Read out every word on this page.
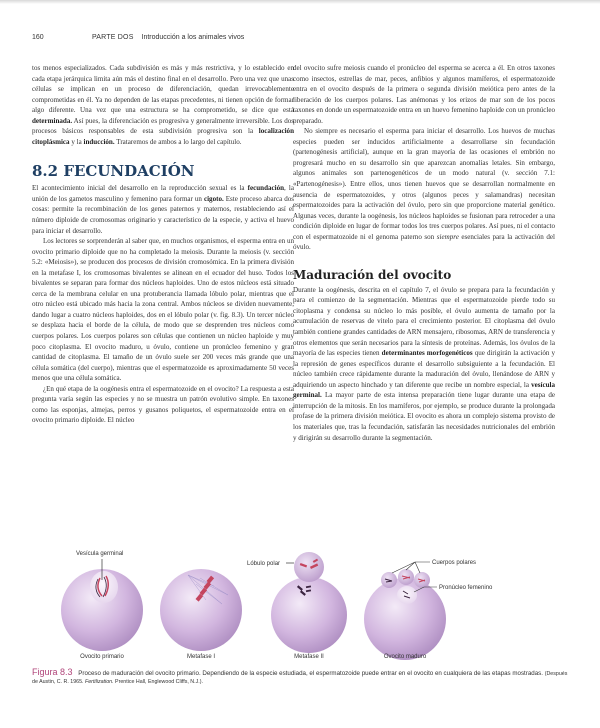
160	PARTE DOS Introducción a los animales vivos

tos menos especializados. Cada subdivisión es más y más restrictiva, y lo establecido en cada etapa jerárquica limita aún más el destino final en el desarrollo. Pero una vez que unas células se implican en un proceso de diferenciación, quedan irrevocablemente comprometidas en él. Ya no dependen de las etapas precedentes, ni tienen opción de formar algo diferente. Una vez que una estructura se ha comprometido, se dice que está determinada. Así pues, la diferenciación es progresiva y generalmente irreversible. Los dos procesos básicos responsables de esta subdivisión progresiva son la localización citoplásmica y la inducción. Trataremos de ambos a lo largo del capítulo.

8.2 FECUNDACIÓN

El acontecimiento inicial del desarrollo en la reproducción sexual es la fecundación, la unión de los gametos masculino y femenino para formar un cigoto. Este proceso abarca dos cosas: permite la recombinación de los genes paternos y maternos, restableciendo así el número diploide de cromosomas originario y característico de la especie, y activa el huevo para iniciar el desarrollo.

Los lectores se sorprenderán al saber que, en muchos organismos, el esperma entra en un ovocito primario diploide que no ha completado la meiosis. Durante la meiosis (v. sección 5.2: «Meiosis»), se producen dos procesos de división cromosómica. En la primera división en la metafase I, los cromosomas bivalentes se alinean en el ecuador del huso. Todos los bivalentes se separan para formar dos núcleos haploides. Uno de estos núcleos está situado cerca de la membrana celular en una protuberancia llamada lóbulo polar, mientras que el otro núcleo está ubicado más hacia la zona central. Ambos núcleos se dividen nuevamente, dando lugar a cuatro núcleos haploides, dos en el lóbulo polar (v. fig. 8.3). Un tercer núcleo se desplaza hacia el borde de la célula, de modo que se desprenden tres núcleos como cuerpos polares. Los cuerpos polares son células que contienen un núcleo haploide y muy poco citoplasma. El ovocito maduro, u óvulo, contiene un pronúcleo femenino y gran cantidad de citoplasma. El tamaño de un óvulo suele ser 200 veces más grande que una célula somática (del cuerpo), mientras que el espermatozoide es aproximadamente 50 veces menos que una célula somática.

¿En qué etapa de la oogénesis entra el espermatozoide en el ovocito? La respuesta a esta pregunta varía según las especies y no se muestra un patrón evolutivo simple. En taxones como las esponjas, almejas, perros y gusanos poliquetos, el espermatozoide entra en el ovocito primario diploide. El núcleo

del ovocito sufre meiosis cuando el pronúcleo del esperma se acerca a él. En otros taxones como insectos, estrellas de mar, peces, anfibios y algunos mamíferos, el espermatozoide entra en el ovocito después de la primera o segunda división meiótica pero antes de la liberación de los cuerpos polares. Las anémonas y los erizos de mar son de los pocos taxones en donde un espermatozoide entra en un huevo femenino haploide con un pronúcleo preparado.

No siempre es necesario el esperma para iniciar el desarrollo. Los huevos de muchas especies pueden ser inducidos artificialmente a desarrollarse sin fecundación (partenogénesis artificial), aunque en la gran mayoría de las ocasiones el embrión no progresará mucho en su desarrollo sin que aparezcan anomalías letales. Sin embargo, algunos animales son partenogenéticos de un modo natural (v. sección 7.1: «Partenogénesis»). Entre ellos, unos tienen huevos que se desarrollan normalmente en ausencia de espermatozoides, y otros (algunos peces y salamandras) necesitan espermatozoides para la activación del óvulo, pero sin que proporcione material genético. Algunas veces, durante la oogénesis, los núcleos haploides se fusionan para retroceder a una condición diploide en lugar de formar todos los tres cuerpos polares. Así pues, ni el contacto con el espermatozoide ni el genoma paterno son siempre esenciales para la activación del óvulo.

Maduración del ovocito

Durante la oogénesis, descrita en el capítulo 7, el óvulo se prepara para la fecundación y para el comienzo de la segmentación. Mientras que el espermatozoide pierde todo su citoplasma y condensa su núcleo lo más posible, el óvulo aumenta de tamaño por la acumulación de reservas de vitelo para el crecimiento posterior. El citoplasma del óvulo también contiene grandes cantidades de ARN mensajero, ribosomas, ARN de transferencia y otros elementos que serán necesarios para la síntesis de proteínas. Además, los óvulos de la mayoría de las especies tienen determinantes morfogenéticos que dirigirán la activación y la represión de genes específicos durante el desarrollo subsiguiente a la fecundación. El núcleo también crece rápidamente durante la maduración del óvulo, llenándose de ARN y adquiriendo un aspecto hinchado y tan diferente que recibe un nombre especial, la vesícula germinal. La mayor parte de esta intensa preparación tiene lugar durante una etapa de interrupción de la mitosis. En los mamíferos, por ejemplo, se produce durante la prolongada profase de la primera división meiótica. El ovocito es ahora un complejo sistema provisto de los materiales que, tras la fecundación, satisfarán las necesidades nutricionales del embrión y dirigirán su desarrollo durante la segmentación.

Vesícula germinal
Lóbulo polar	Cuerpos polares
Pronúcleo femenino
Ovocito primario	Metafase I	Metafase II	Ovocito maduro
Figura 8.3 Proceso de maduración del ovocito primario. Dependiendo de la especie estudiada, el espermatozoide puede entrar en el ovocito en cualquiera de las etapas mostradas. (Después de Austin, C. R. 1965. Fertilization. Prentice Hall, Englewood Cliffs, N.J.).
